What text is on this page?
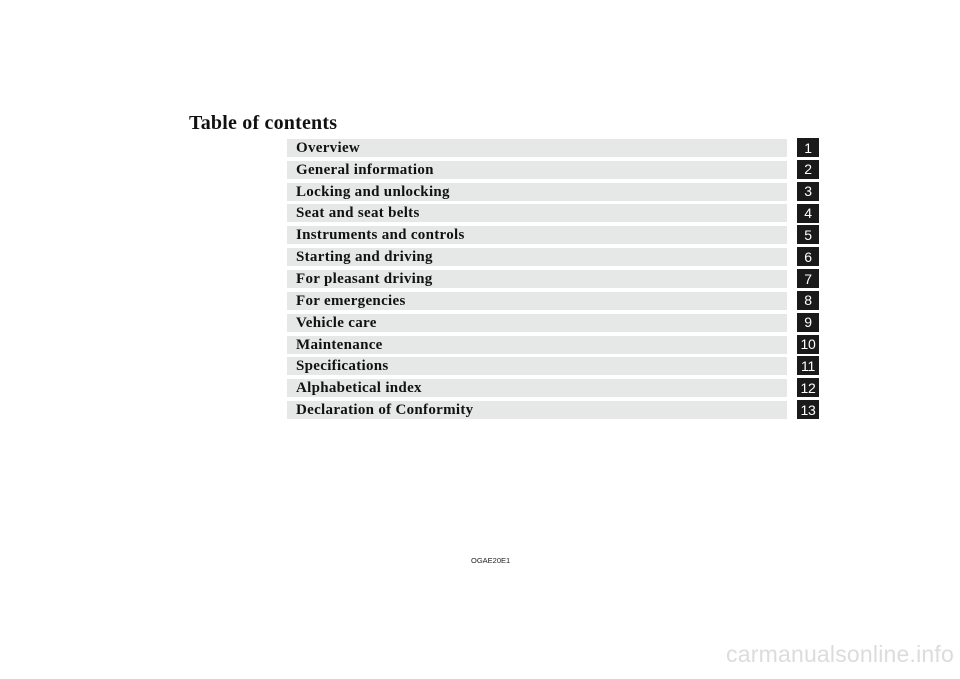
Table of contents
Overview	1
General information	2
Locking and unlocking	3
Seat and seat belts	4
Instruments and controls	5
Starting and driving	6
For pleasant driving	7
For emergencies	8
Vehicle care	9
Maintenance	10
Specifications	11
Alphabetical index	12
Declaration of Conformity	13
OGAE20E1
carmanualsonline.info
